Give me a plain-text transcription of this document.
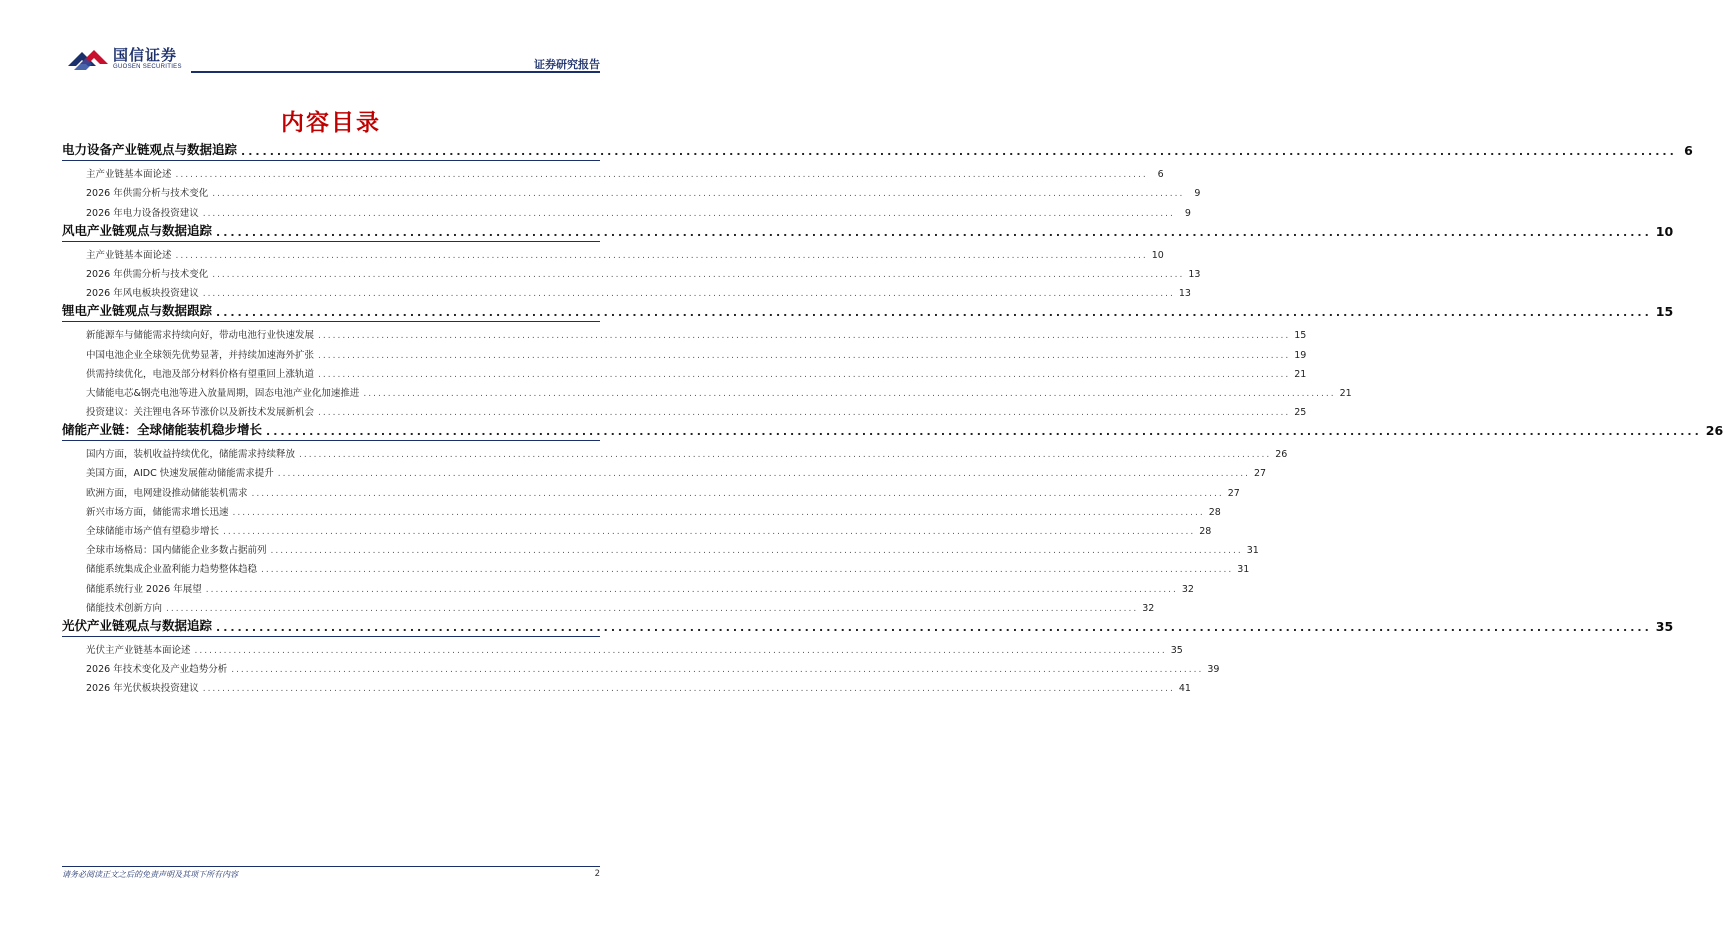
国信证券
GUOSEN SECURITIES	证券研究报告
内容目录
电力设备产业链观点与数据追踪 ........................................................................................................................................................................................................ 6
主产业链基本面论述 ........................................................................................................................................................................................................	6
2026 年供需分析与技术变化 ........................................................................................................................................................................................................	9
2026 年电力设备投资建议 ........................................................................................................................................................................................................	9
风电产业链观点与数据追踪 ........................................................................................................................................................................................................ 10
主产业链基本面论述 ........................................................................................................................................................................................................ 10
2026 年供需分析与技术变化 ........................................................................................................................................................................................................ 13
2026 年风电板块投资建议 ........................................................................................................................................................................................................ 13
锂电产业链观点与数据跟踪 ........................................................................................................................................................................................................ 15
新能源车与储能需求持续向好，带动电池行业快速发展 ........................................................................................................................................................................................................ 15
中国电池企业全球领先优势显著，并持续加速海外扩张 ........................................................................................................................................................................................................ 19
供需持续优化，电池及部分材料价格有望重回上涨轨道 ........................................................................................................................................................................................................ 21
大储能电芯&钢壳电池等进入放量周期，固态电池产业化加速推进 ........................................................................................................................................................................................................ 21
投资建议：关注锂电各环节涨价以及新技术发展新机会 ........................................................................................................................................................................................................ 25
储能产业链：全球储能装机稳步增长 ........................................................................................................................................................................................................ 26
国内方面，装机收益持续优化，储能需求持续释放 ........................................................................................................................................................................................................ 26
美国方面，AIDC 快速发展催动储能需求提升 ........................................................................................................................................................................................................ 27
欧洲方面，电网建设推动储能装机需求 ........................................................................................................................................................................................................ 27
新兴市场方面，储能需求增长迅速 ........................................................................................................................................................................................................ 28
全球储能市场产值有望稳步增长 ........................................................................................................................................................................................................ 28
全球市场格局：国内储能企业多数占据前列 ........................................................................................................................................................................................................ 31
储能系统集成企业盈利能力趋势整体趋稳 ........................................................................................................................................................................................................ 31
储能系统行业 2026 年展望 ........................................................................................................................................................................................................ 32
储能技术创新方向 ........................................................................................................................................................................................................ 32
光伏产业链观点与数据追踪 ........................................................................................................................................................................................................ 35
光伏主产业链基本面论述 ........................................................................................................................................................................................................ 35
2026 年技术变化及产业趋势分析 ........................................................................................................................................................................................................ 39
2026 年光伏板块投资建议 ........................................................................................................................................................................................................ 41
请务必阅读正文之后的免责声明及其项下所有内容	2
